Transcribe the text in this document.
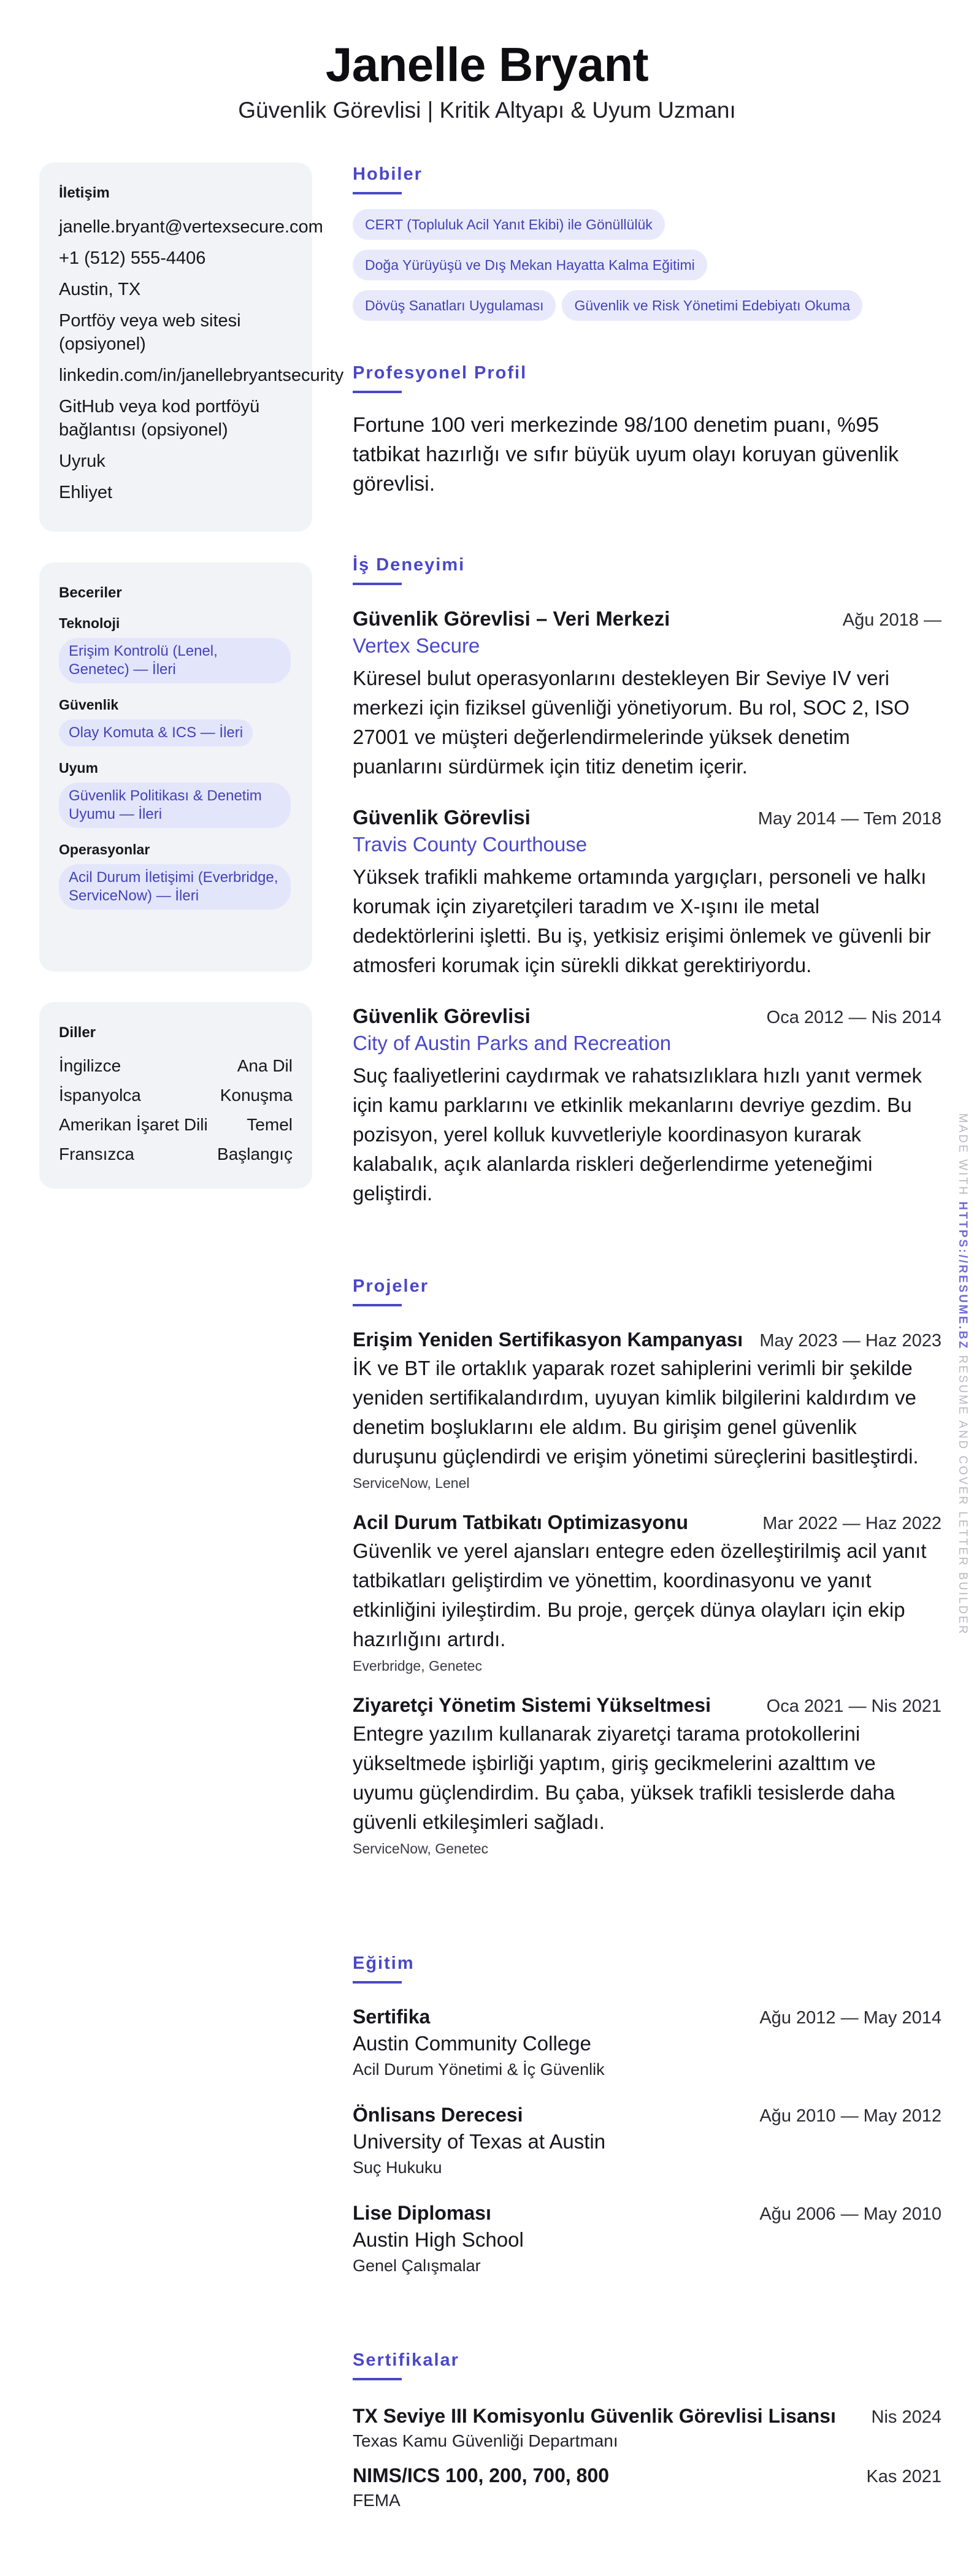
Janelle Bryant
Güvenlik Görevlisi | Kritik Altyapı & Uyum Uzmanı
İletişim
janelle.bryant@vertexsecure.com
+1 (512) 555-4406
Austin, TX
Portföy veya web sitesi (opsiyonel)
linkedin.com/in/janellebryantsecurity
GitHub veya kod portföyü bağlantısı (opsiyonel)
Uyruk
Ehliyet
Beceriler
Teknoloji
Erişim Kontrolü (Lenel, Genetec) — İleri
Güvenlik
Olay Komuta & ICS — İleri
Uyum
Güvenlik Politikası & Denetim Uyumu — İleri
Operasyonlar
Acil Durum İletişimi (Everbridge, ServiceNow) — İleri
Diller
İngilizce	Ana Dil
İspanyolca	Konuşma
Amerikan İşaret Dili Temel
Fransızca	Başlangıç
Hobiler
CERT (Topluluk Acil Yanıt Ekibi) ile Gönüllülük
Doğa Yürüyüşü ve Dış Mekan Hayatta Kalma Eğitimi
Dövüş Sanatları Uygulaması Güvenlik ve Risk Yönetimi Edebiyatı Okuma
Profesyonel Profil
Fortune 100 veri merkezinde 98/100 denetim puanı, %95 tatbikat hazırlığı ve sıfır büyük uyum olayı koruyan güvenlik görevlisi.
İş Deneyimi
Güvenlik Görevlisi – Veri Merkezi	Ağu 2018 —
Vertex Secure
Küresel bulut operasyonlarını destekleyen Bir Seviye IV veri merkezi için fiziksel güvenliği yönetiyorum. Bu rol, SOC 2, ISO 27001 ve müşteri değerlendirmelerinde yüksek denetim puanlarını sürdürmek için titiz denetim içerir.
Güvenlik Görevlisi	May 2014 — Tem 2018
Travis County Courthouse
Yüksek trafikli mahkeme ortamında yargıçları, personeli ve halkı korumak için ziyaretçileri taradım ve X-ışını ile metal dedektörlerini işletti. Bu iş, yetkisiz erişimi önlemek ve güvenli bir atmosferi korumak için sürekli dikkat gerektiriyordu.
Güvenlik Görevlisi	Oca 2012 — Nis 2014
City of Austin Parks and Recreation
Suç faaliyetlerini caydırmak ve rahatsızlıklara hızlı yanıt vermek için kamu parklarını ve etkinlik mekanlarını devriye gezdim. Bu pozisyon, yerel kolluk kuvvetleriyle koordinasyon kurarak kalabalık, açık alanlarda riskleri değerlendirme yeteneğimi geliştirdi.
Projeler
Erişim Yeniden Sertifikasyon Kampanyası May 2023 — Haz 2023
İK ve BT ile ortaklık yaparak rozet sahiplerini verimli bir şekilde yeniden sertifikalandırdım, uyuyan kimlik bilgilerini kaldırdım ve denetim boşluklarını ele aldım. Bu girişim genel güvenlik duruşunu güçlendirdi ve erişim yönetimi süreçlerini basitleştirdi.
ServiceNow, Lenel
Acil Durum Tatbikatı Optimizasyonu	Mar 2022 — Haz 2022
Güvenlik ve yerel ajansları entegre eden özelleştirilmiş acil yanıt tatbikatları geliştirdim ve yönettim, koordinasyonu ve yanıt etkinliğini iyileştirdim. Bu proje, gerçek dünya olayları için ekip hazırlığını artırdı.
Everbridge, Genetec
Ziyaretçi Yönetim Sistemi Yükseltmesi	Oca 2021 — Nis 2021
Entegre yazılım kullanarak ziyaretçi tarama protokollerini yükseltmede işbirliği yaptım, giriş gecikmelerini azalttım ve uyumu güçlendirdim. Bu çaba, yüksek trafikli tesislerde daha güvenli etkileşimleri sağladı.
ServiceNow, Genetec
Eğitim
Sertifika	Ağu 2012 — May 2014
Austin Community College
Acil Durum Yönetimi & İç Güvenlik
Önlisans Derecesi	Ağu 2010 — May 2012
University of Texas at Austin
Suç Hukuku
Lise Diploması	Ağu 2006 — May 2010
Austin High School
Genel Çalışmalar
Sertifikalar
TX Seviye III Komisyonlu Güvenlik Görevlisi Lisansı Nis 2024
Texas Kamu Güvenliği Departmanı
NIMS/ICS 100, 200, 700, 800	Kas 2021
FEMA
MADE WITH HTTPS://RESUME.BZ RESUME AND COVER LETTER BUILDER
